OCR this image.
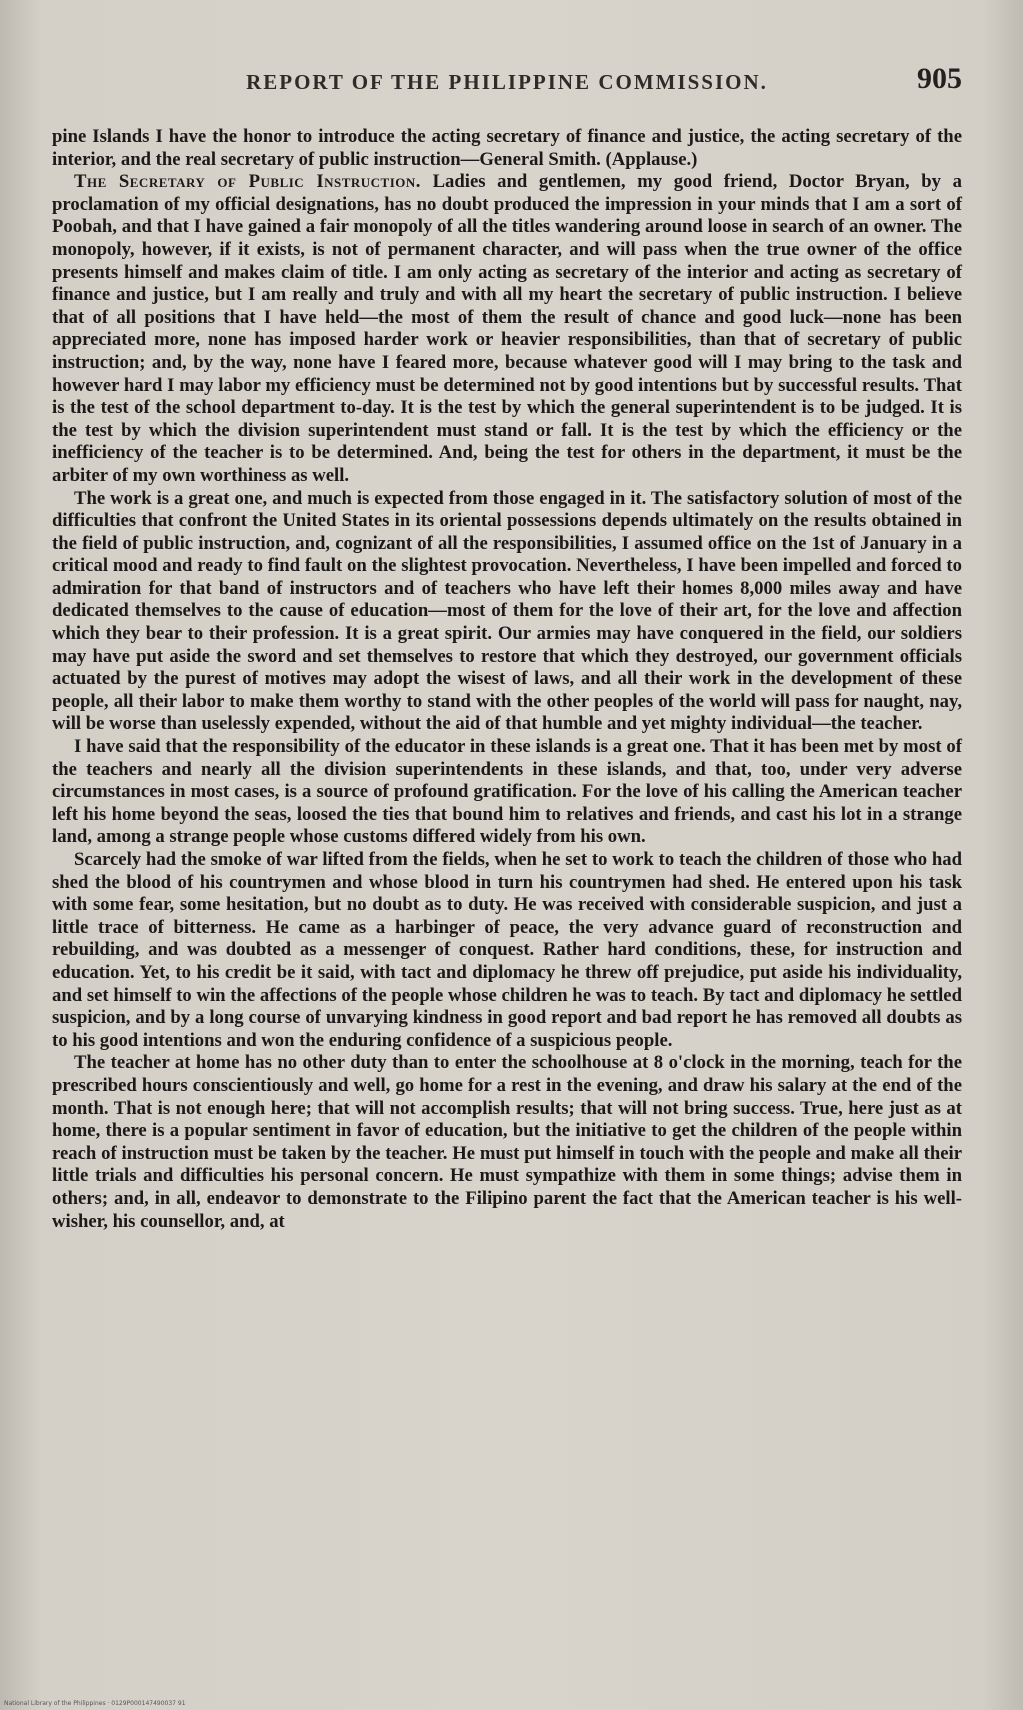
REPORT OF THE PHILIPPINE COMMISSION.	905

pine Islands I have the honor to introduce the acting secretary of finance and justice, the acting secretary of the interior, and the real secretary of public instruction—General Smith. (Applause.)

The Secretary of Public Instruction. Ladies and gentlemen, my good friend, Doctor Bryan, by a proclamation of my official designations, has no doubt produced the impression in your minds that I am a sort of Poobah, and that I have gained a fair monopoly of all the titles wandering around loose in search of an owner. The monopoly, however, if it exists, is not of permanent character, and will pass when the true owner of the office presents himself and makes claim of title. I am only acting as secretary of the interior and acting as secretary of finance and justice, but I am really and truly and with all my heart the secretary of public instruction. I believe that of all positions that I have held—the most of them the result of chance and good luck—none has been appreciated more, none has imposed harder work or heavier responsibilities, than that of secretary of public instruction; and, by the way, none have I feared more, because whatever good will I may bring to the task and however hard I may labor my efficiency must be determined not by good intentions but by successful results. That is the test of the school department to-day. It is the test by which the general superintendent is to be judged. It is the test by which the division superintendent must stand or fall. It is the test by which the efficiency or the inefficiency of the teacher is to be determined. And, being the test for others in the department, it must be the arbiter of my own worthiness as well.

The work is a great one, and much is expected from those engaged in it. The satisfactory solution of most of the difficulties that confront the United States in its oriental possessions depends ultimately on the results obtained in the field of public instruction, and, cognizant of all the responsibilities, I assumed office on the 1st of January in a critical mood and ready to find fault on the slightest provocation. Nevertheless, I have been impelled and forced to admiration for that band of instructors and of teachers who have left their homes 8,000 miles away and have dedicated themselves to the cause of education—most of them for the love of their art, for the love and affection which they bear to their profession. It is a great spirit. Our armies may have conquered in the field, our soldiers may have put aside the sword and set themselves to restore that which they destroyed, our government officials actuated by the purest of motives may adopt the wisest of laws, and all their work in the development of these people, all their labor to make them worthy to stand with the other peoples of the world will pass for naught, nay, will be worse than uselessly expended, without the aid of that humble and yet mighty individual—the teacher.

I have said that the responsibility of the educator in these islands is a great one. That it has been met by most of the teachers and nearly all the division superintendents in these islands, and that, too, under very adverse circumstances in most cases, is a source of profound gratification. For the love of his calling the American teacher left his home beyond the seas, loosed the ties that bound him to relatives and friends, and cast his lot in a strange land, among a strange people whose customs differed widely from his own.

Scarcely had the smoke of war lifted from the fields, when he set to work to teach the children of those who had shed the blood of his countrymen and whose blood in turn his countrymen had shed. He entered upon his task with some fear, some hesitation, but no doubt as to duty. He was received with considerable suspicion, and just a little trace of bitterness. He came as a harbinger of peace, the very advance guard of reconstruction and rebuilding, and was doubted as a messenger of conquest. Rather hard conditions, these, for instruction and education. Yet, to his credit be it said, with tact and diplomacy he threw off prejudice, put aside his individuality, and set himself to win the affections of the people whose children he was to teach. By tact and diplomacy he settled suspicion, and by a long course of unvarying kindness in good report and bad report he has removed all doubts as to his good intentions and won the enduring confidence of a suspicious people.

The teacher at home has no other duty than to enter the schoolhouse at 8 o'clock in the morning, teach for the prescribed hours conscientiously and well, go home for a rest in the evening, and draw his salary at the end of the month. That is not enough here; that will not accomplish results; that will not bring success. True, here just as at home, there is a popular sentiment in favor of education, but the initiative to get the children of the people within reach of instruction must be taken by the teacher. He must put himself in touch with the people and make all their little trials and difficulties his personal concern. He must sympathize with them in some things; advise them in others; and, in all, endeavor to demonstrate to the Filipino parent the fact that the American teacher is his well-wisher, his counsellor, and, at

National Library of the Philippines · 0129P000147490037 91
